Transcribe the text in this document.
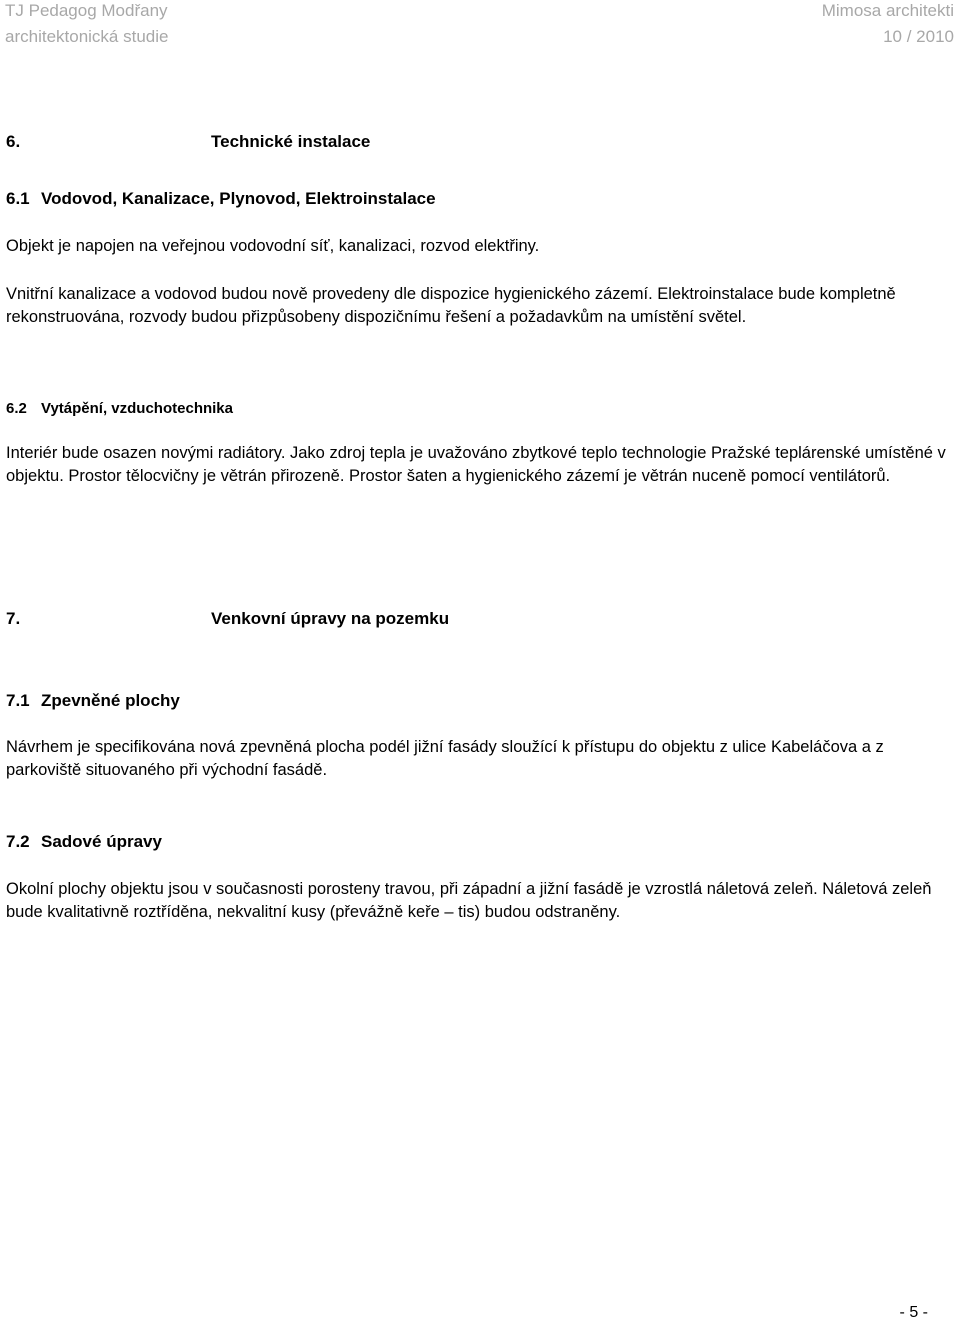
TJ Pedagog Modřany
architektonická studie
Mimosa architekti
10 / 2010
6.	Technické instalace
6.1 Vodovod, Kanalizace, Plynovod, Elektroinstalace

Objekt je napojen na veřejnou vodovodní síť, kanalizaci, rozvod elektřiny.

Vnitřní kanalizace a vodovod budou nově provedeny dle dispozice hygienického zázemí. Elektroinstalace bude kompletně rekonstruována, rozvody budou přizpůsobeny dispozičnímu řešení a požadavkům na umístění světel.

6.2 Vytápění, vzduchotechnika

Interiér bude osazen novými radiátory. Jako zdroj tepla je uvažováno zbytkové teplo technologie Pražské teplárenské umístěné v objektu. Prostor tělocvičny je větrán přirozeně. Prostor šaten a hygienického zázemí je větrán nuceně pomocí ventilátorů.

7.	Venkovní úpravy na pozemku
7.1 Zpevněné plochy

Návrhem je specifikována nová zpevněná plocha podél jižní fasády sloužící k přístupu do objektu z ulice Kabeláčova a z parkoviště situovaného při východní fasádě.

7.2 Sadové úpravy

Okolní plochy objektu jsou v současnosti porosteny travou, při západní a jižní fasádě je vzrostlá náletová zeleň. Náletová zeleň bude kvalitativně roztříděna, nekvalitní kusy (převážně keře – tis) budou odstraněny.

- 5 -
